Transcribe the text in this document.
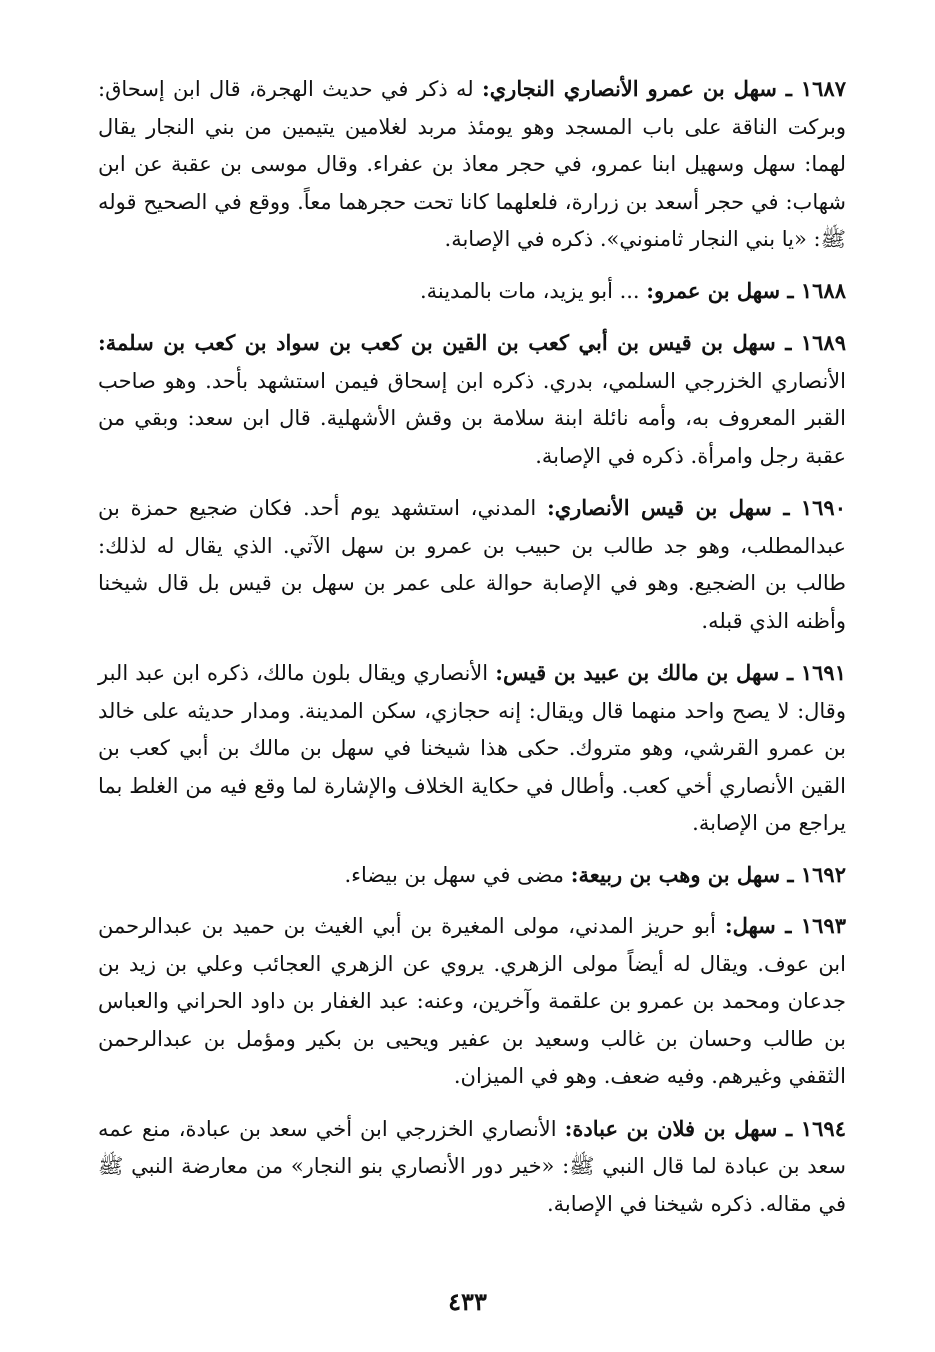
١٦٨٧ ـ سهل بن عمرو الأنصاري النجاري: له ذكر في حديث الهجرة، قال ابن إسحاق: وبركت الناقة على باب المسجد وهو يومئذ مربد لغلامين يتيمين من بني النجار يقال لهما: سهل وسهيل ابنا عمرو، في حجر معاذ بن عفراء. وقال موسى بن عقبة عن ابن شهاب: في حجر أسعد بن زرارة، فلعلهما كانا تحت حجرهما معاً. ووقع في الصحيح قوله ﷺ: «يا بني النجار ثامنوني». ذكره في الإصابة.

١٦٨٨ ـ سهل بن عمرو: ... أبو يزيد، مات بالمدينة.

١٦٨٩ ـ سهل بن قيس بن أبي كعب بن القين بن كعب بن سواد بن كعب بن سلمة: الأنصاري الخزرجي السلمي، بدري. ذكره ابن إسحاق فيمن استشهد بأحد. وهو صاحب القبر المعروف به، وأمه نائلة ابنة سلامة بن وقش الأشهلية. قال ابن سعد: وبقي من عقبة رجل وامرأة. ذكره في الإصابة.

١٦٩٠ ـ سهل بن قيس الأنصاري: المدني، استشهد يوم أحد. فكان ضجيع حمزة بن عبدالمطلب، وهو جد طالب بن حبيب بن عمرو بن سهل الآتي. الذي يقال له لذلك: طالب بن الضجيع. وهو في الإصابة حوالة على عمر بن سهل بن قيس بل قال شيخنا وأظنه الذي قبله.

١٦٩١ ـ سهل بن مالك بن عبيد بن قيس: الأنصاري ويقال بلون مالك، ذكره ابن عبد البر وقال: لا يصح واحد منهما قال ويقال: إنه حجازي، سكن المدينة. ومدار حديثه على خالد بن عمرو القرشي، وهو متروك. حكى هذا شيخنا في سهل بن مالك بن أبي كعب بن القين الأنصاري أخي كعب. وأطال في حكاية الخلاف والإشارة لما وقع فيه من الغلط بما يراجع من الإصابة.

١٦٩٢ ـ سهل بن وهب بن ربيعة: مضى في سهل بن بيضاء.

١٦٩٣ ـ سهل: أبو حريز المدني، مولى المغيرة بن أبي الغيث بن حميد بن عبدالرحمن ابن عوف. ويقال له أيضاً مولى الزهري. يروي عن الزهري العجائب وعلي بن زيد بن جدعان ومحمد بن عمرو بن علقمة وآخرين، وعنه: عبد الغفار بن داود الحراني والعباس بن طالب وحسان بن غالب وسعيد بن عفير ويحيى بن بكير ومؤمل بن عبدالرحمن الثقفي وغيرهم. وفيه ضعف. وهو في الميزان.

١٦٩٤ ـ سهل بن فلان بن عبادة: الأنصاري الخزرجي ابن أخي سعد بن عبادة، منع عمه سعد بن عبادة لما قال النبي ﷺ: «خير دور الأنصاري بنو النجار» من معارضة النبي ﷺ في مقاله. ذكره شيخنا في الإصابة.

٤٣٣
